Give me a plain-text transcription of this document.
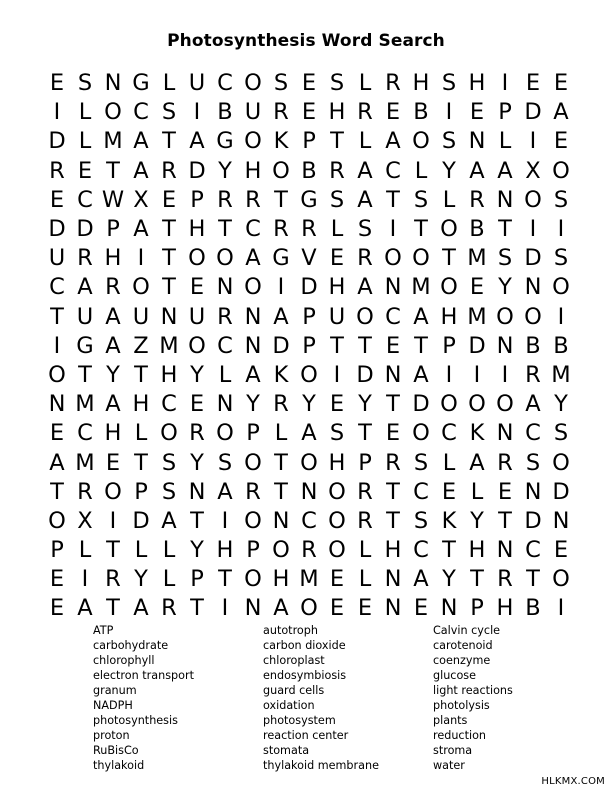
Photosynthesis Word Search
E S N G L U C O S E S L R H S H I E E
I L O C S I B U R E H R E B I E P D A
D L M A T A G O K P T L A O S N L I E
R E T A R D Y H O B R A C L Y A A X O
E C W X E P R R T G S A T S L R N O S
D D P A T H T C R R L S I T O B T I I
U R H I T O O A G V E R O O T M S D S
C A R O T E N O I D H A N M O E Y N O
T U A U N U R N A P U O C A H M O O I
I G A Z M O C N D P T T E T P D N B B
O T Y T H Y L A K O I D N A I I I R M
N M A H C E N Y R Y E Y T D O O O A Y
E C H L O R O P L A S T E O C K N C S
A M E T S Y S O T O H P R S L A R S O
T R O P S N A R T N O R T C E L E N D
O X I D A T I O N C O R T S K Y T D N
P L T L L Y H P O R O L H C T H N C E
E I R Y L P T O H M E L N A Y T R T O
E A T A R T I N A O E E N E N P H B I
ATP
carbohydrate
chlorophyll
electron transport
granum
NADPH
photosynthesis
proton
RuBisCo
thylakoid
autotroph
carbon dioxide
chloroplast
endosymbiosis
guard cells
oxidation
photosystem
reaction center
stomata
thylakoid membrane
Calvin cycle
carotenoid
coenzyme
glucose
light reactions
photolysis
plants
reduction
stroma
water
HLKMX.COM
